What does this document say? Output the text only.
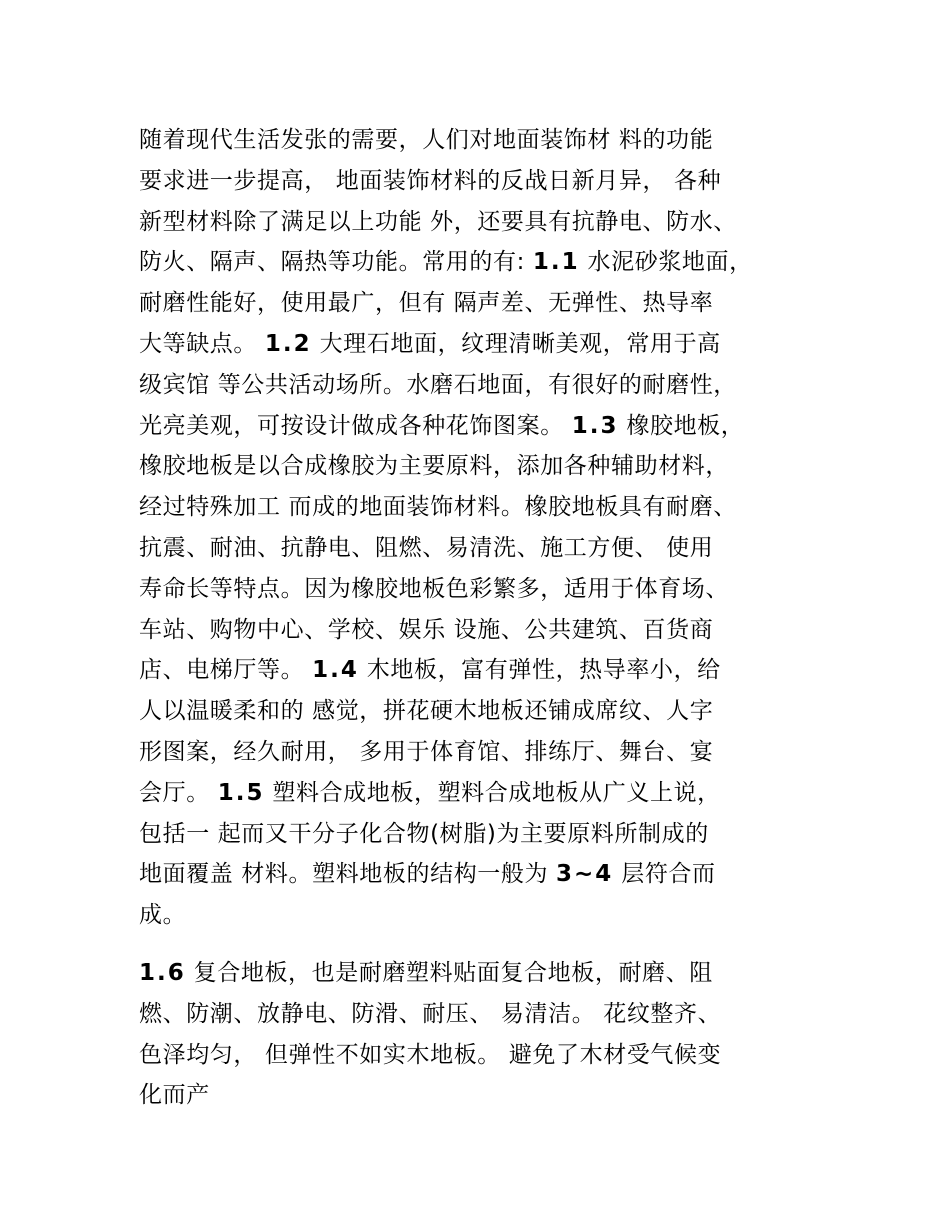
随着现代生活发张的需要，人们对地面装饰材 料的功能
要求进一步提高， 地面装饰材料的反战日新月异， 各种
新型材料除了满足以上功能 外，还要具有抗静电、防水、
防火、隔声、隔热等功能。常用的有: 1.1 水泥砂浆地面，
耐磨性能好，使用最广，但有 隔声差、无弹性、热导率
大等缺点。 1.2 大理石地面，纹理清晰美观，常用于高
级宾馆 等公共活动场所。水磨石地面，有很好的耐磨性，
光亮美观，可按设计做成各种花饰图案。 1.3 橡胶地板，
橡胶地板是以合成橡胶为主要原料，添加各种辅助材料，
经过特殊加工 而成的地面装饰材料。橡胶地板具有耐磨、
抗震、耐油、抗静电、阻燃、易清洗、施工方便、 使用
寿命长等特点。因为橡胶地板色彩繁多，适用于体育场、
车站、购物中心、学校、娱乐 设施、公共建筑、百货商
店、电梯厅等。 1.4 木地板，富有弹性，热导率小，给
人以温暖柔和的 感觉，拼花硬木地板还铺成席纹、人字
形图案，经久耐用， 多用于体育馆、排练厅、舞台、宴
会厅。 1.5 塑料合成地板，塑料合成地板从广义上说，
包括一 起而又干分子化合物(树脂)为主要原料所制成的
地面覆盖 材料。塑料地板的结构一般为 3~4 层符合而
成。
1.6 复合地板，也是耐磨塑料贴面复合地板，耐磨、阻
燃、防潮、放静电、防滑、耐压、 易清洁。 花纹整齐、
色泽均匀， 但弹性不如实木地板。 避免了木材受气候变
化而产
